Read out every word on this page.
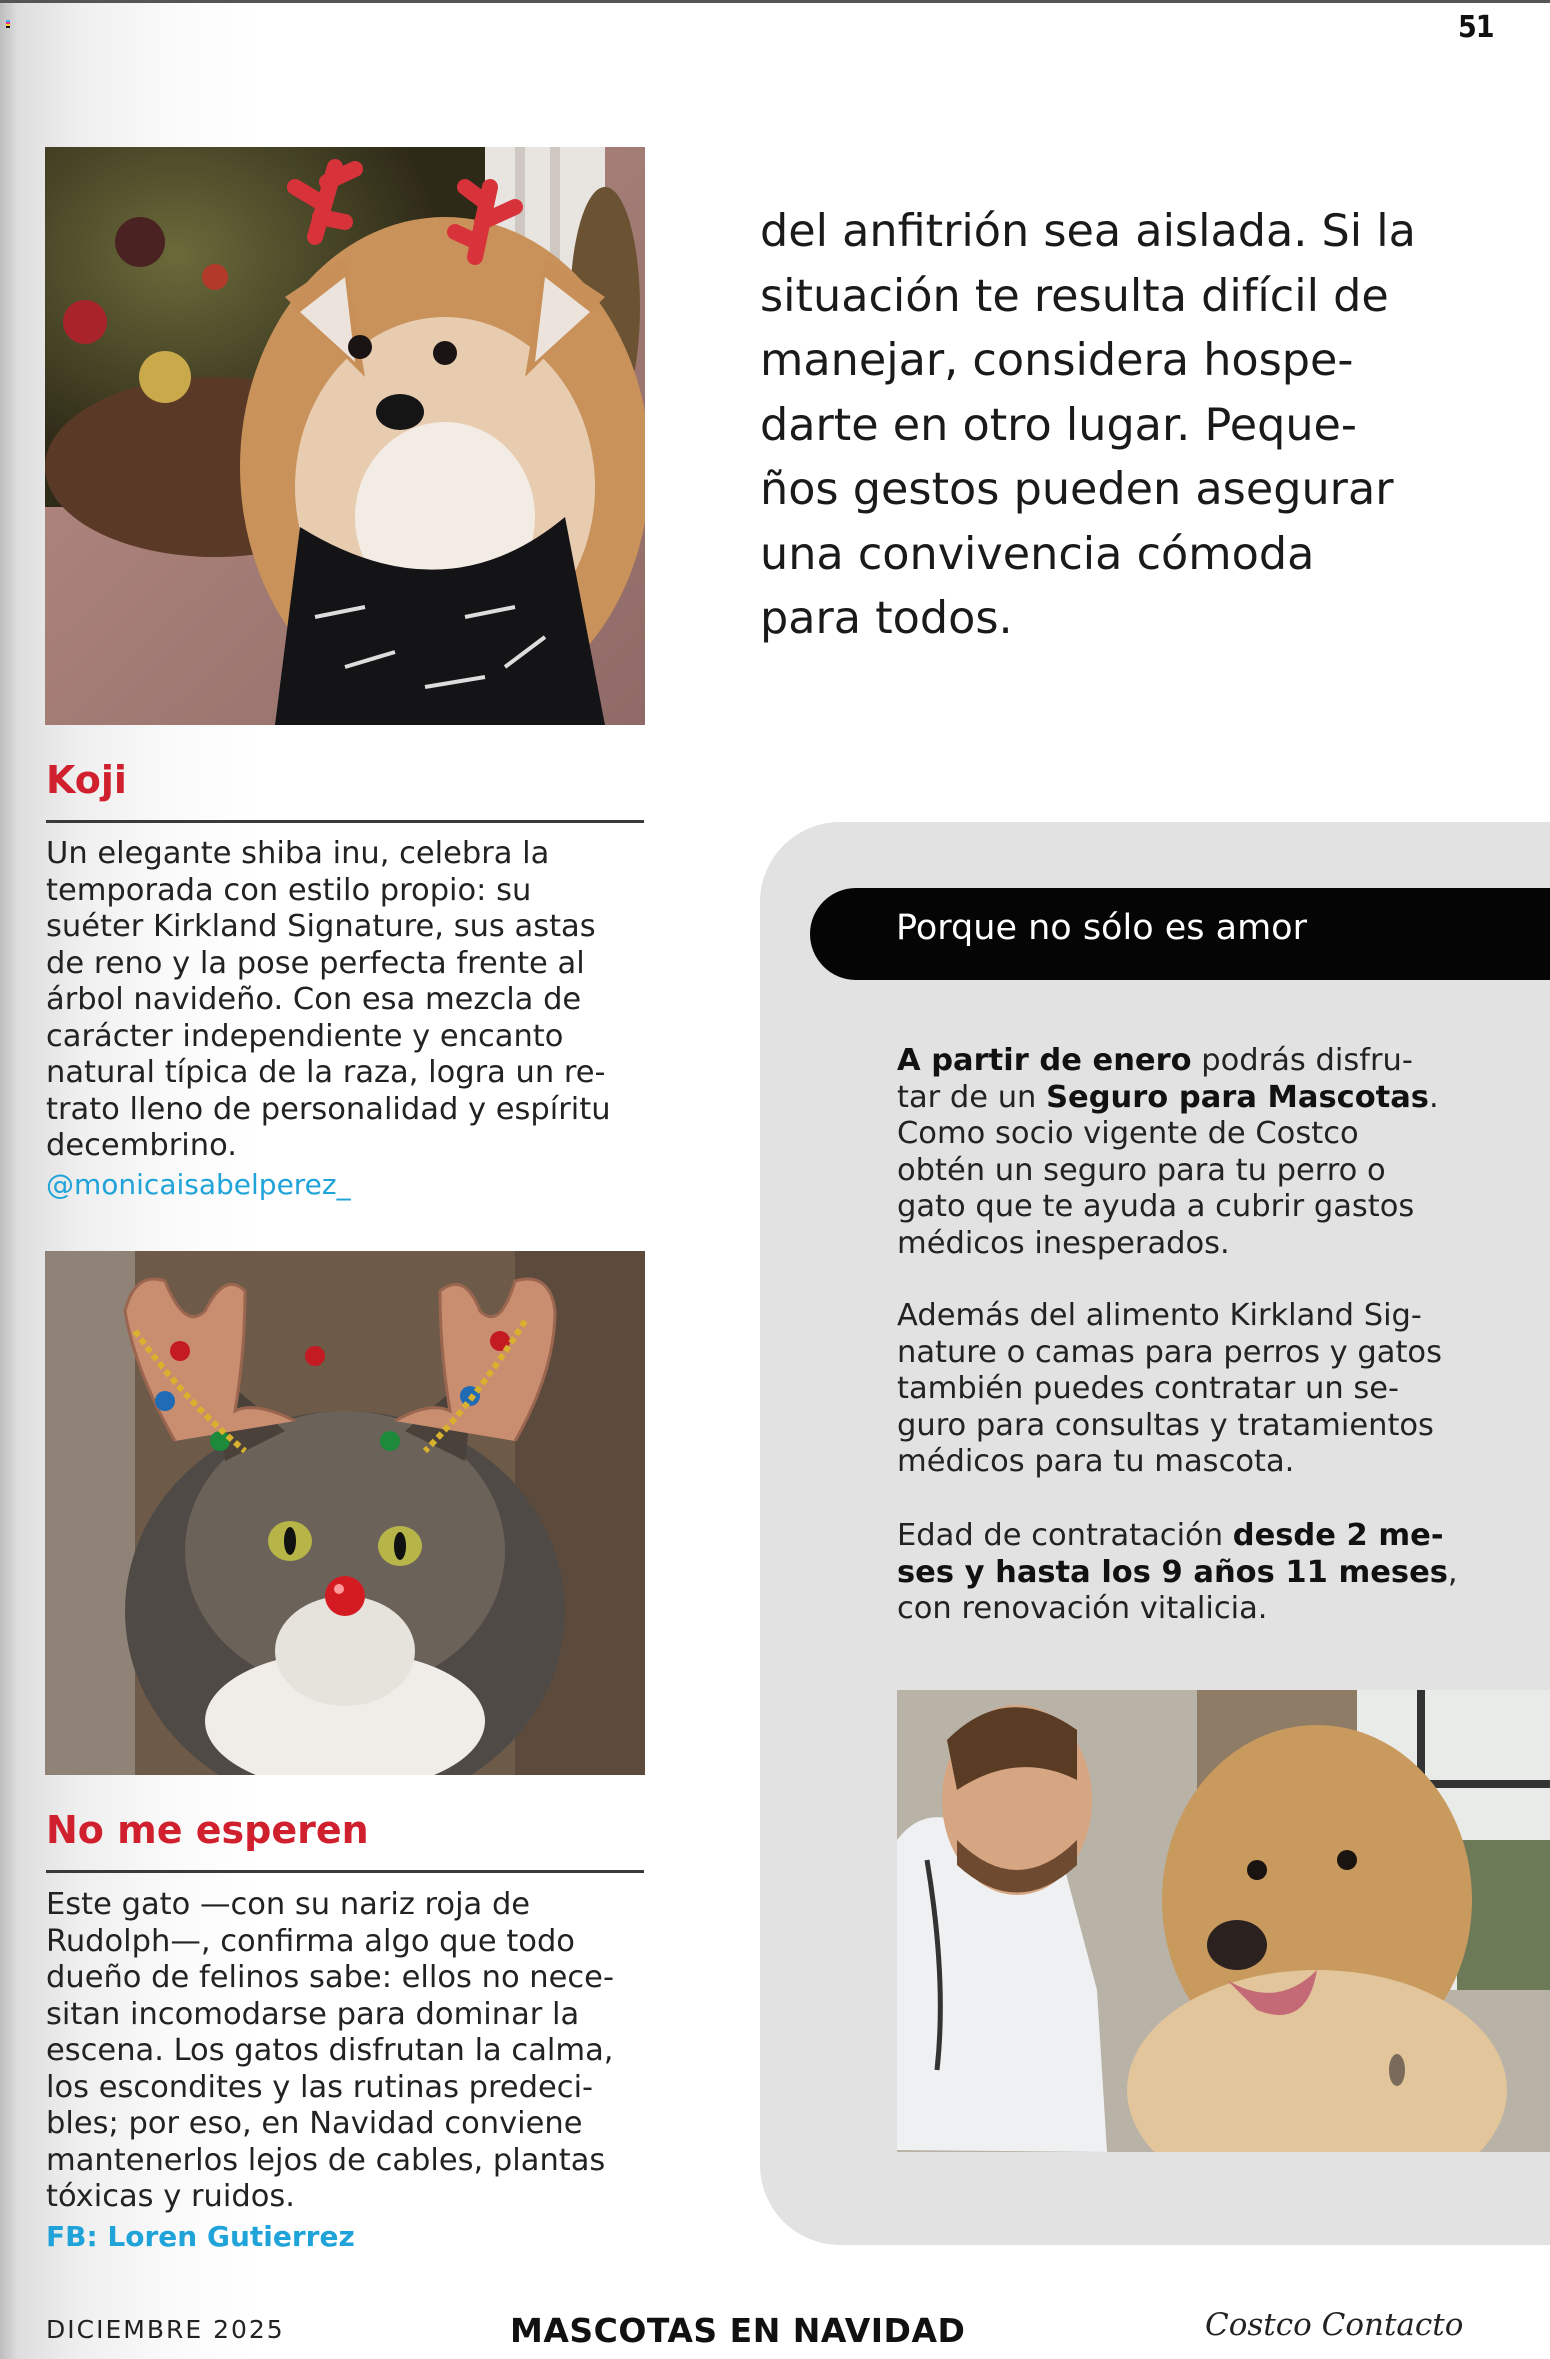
51
Koji

Un elegante shiba inu, celebra la

temporada con estilo propio: su

suéter Kirkland Signature, sus astas

de reno y la pose perfecta frente al

árbol navideño. Con esa mezcla de

carácter independiente y encanto

natural típica de la raza, logra un re-

trato lleno de personalidad y espíritu

decembrino.

@monicaisabelperez_
No me esperen

Este gato —con su nariz roja de

Rudolph—, confirma algo que todo

dueño de felinos sabe: ellos no nece-

sitan incomodarse para dominar la

escena. Los gatos disfrutan la calma,

los escondites y las rutinas predeci-

bles; por eso, en Navidad conviene

mantenerlos lejos de cables, plantas

tóxicas y ruidos.

FB: Loren Gutierrez

del anfitrión sea aislada. Si la

situación te resulta difícil de

manejar, considera hospe-

darte en otro lugar. Peque-

ños gestos pueden asegurar

una convivencia cómoda

para todos.

Porque no sólo es amor

A partir de enero podrás disfru-

tar de un Seguro para Mascotas.

Como socio vigente de Costco

obtén un seguro para tu perro o

gato que te ayuda a cubrir gastos

médicos inesperados.

Además del alimento Kirkland Sig-

nature o camas para perros y gatos

también puedes contratar un se-

guro para consultas y tratamientos

médicos para tu mascota.

Edad de contratación desde 2 me-

ses y hasta los 9 años 11 meses,

con renovación vitalicia.

DICIEMBRE 2025	MASCOTAS EN NAVIDAD	Costco Contacto
